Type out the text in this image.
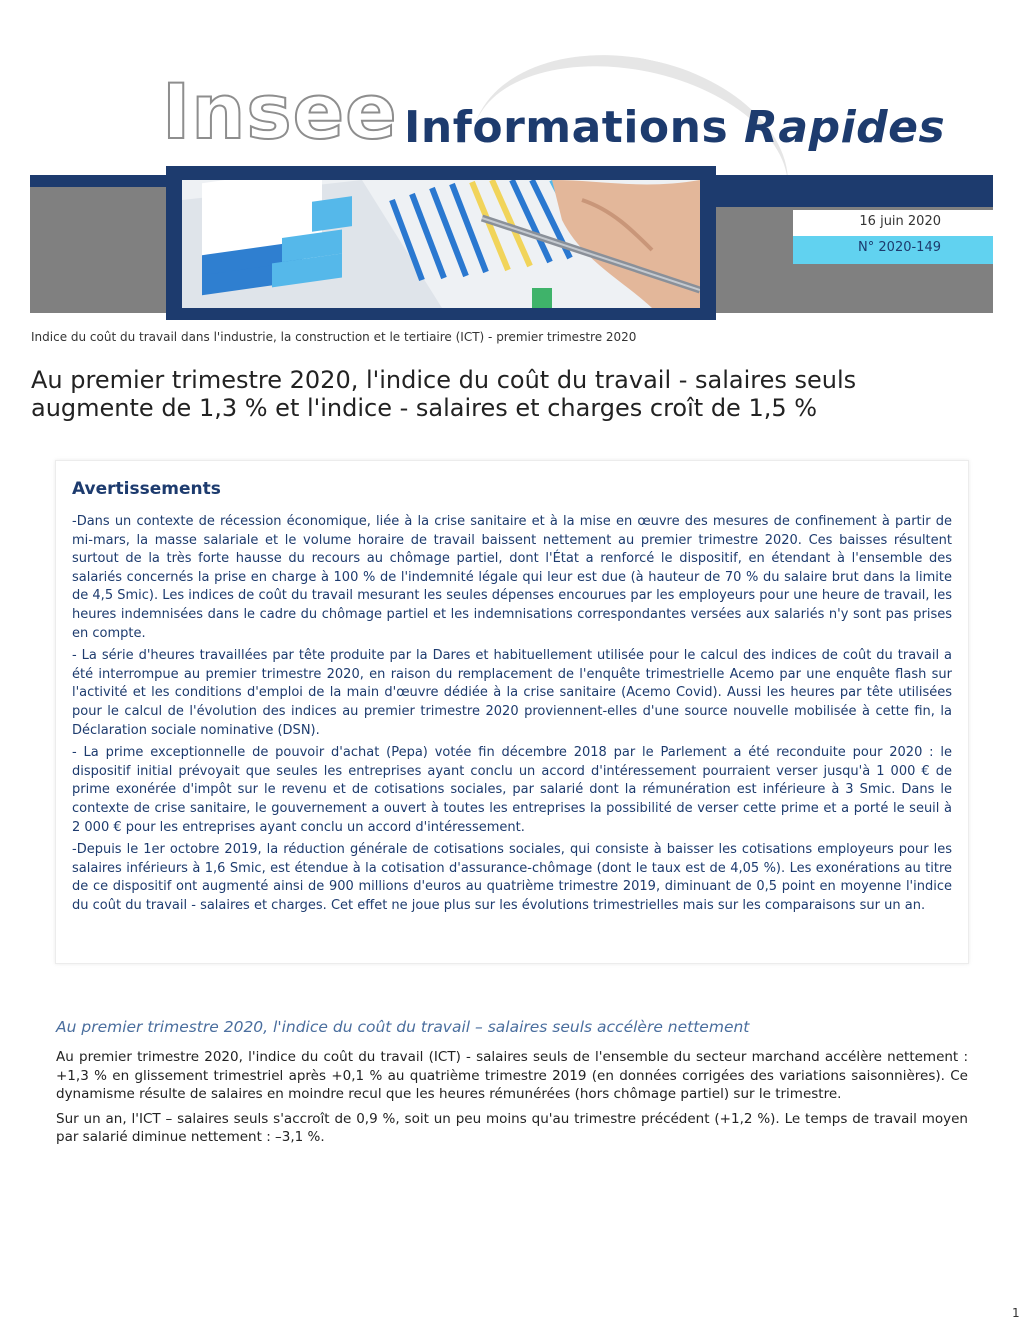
Insee Informations Rapides
16 juin 2020
N° 2020-149
Indice du coût du travail dans l'industrie, la construction et le tertiaire (ICT) - premier trimestre 2020
Au premier trimestre 2020, l'indice du coût du travail - salaires seuls augmente de 1,3 % et l'indice - salaires et charges croît de 1,5 %
Avertissements

-Dans un contexte de récession économique, liée à la crise sanitaire et à la mise en œuvre des mesures de confinement à partir de mi-mars, la masse salariale et le volume horaire de travail baissent nettement au premier trimestre 2020. Ces baisses résultent surtout de la très forte hausse du recours au chômage partiel, dont l'État a renforcé le dispositif, en étendant à l'ensemble des salariés concernés la prise en charge à 100 % de l'indemnité légale qui leur est due (à hauteur de 70 % du salaire brut dans la limite de 4,5 Smic). Les indices de coût du travail mesurant les seules dépenses encourues par les employeurs pour une heure de travail, les heures indemnisées dans le cadre du chômage partiel et les indemnisations correspondantes versées aux salariés n'y sont pas prises en compte.

- La série d'heures travaillées par tête produite par la Dares et habituellement utilisée pour le calcul des indices de coût du travail a été interrompue au premier trimestre 2020, en raison du remplacement de l'enquête trimestrielle Acemo par une enquête flash sur l'activité et les conditions d'emploi de la main d'œuvre dédiée à la crise sanitaire (Acemo Covid). Aussi les heures par tête utilisées pour le calcul de l'évolution des indices au premier trimestre 2020 proviennent-elles d'une source nouvelle mobilisée à cette fin, la Déclaration sociale nominative (DSN).

- La prime exceptionnelle de pouvoir d'achat (Pepa) votée fin décembre 2018 par le Parlement a été reconduite pour 2020 : le dispositif initial prévoyait que seules les entreprises ayant conclu un accord d'intéressement pourraient verser jusqu'à 1 000 € de prime exonérée d'impôt sur le revenu et de cotisations sociales, par salarié dont la rémunération est inférieure à 3 Smic. Dans le contexte de crise sanitaire, le gouvernement a ouvert à toutes les entreprises la possibilité de verser cette prime et a porté le seuil à 2 000 € pour les entreprises ayant conclu un accord d'intéressement.

-Depuis le 1er octobre 2019, la réduction générale de cotisations sociales, qui consiste à baisser les cotisations employeurs pour les salaires inférieurs à 1,6 Smic, est étendue à la cotisation d'assurance-chômage (dont le taux est de 4,05 %). Les exonérations au titre de ce dispositif ont augmenté ainsi de 900 millions d'euros au quatrième trimestre 2019, diminuant de 0,5 point en moyenne l'indice du coût du travail - salaires et charges. Cet effet ne joue plus sur les évolutions trimestrielles mais sur les comparaisons sur un an.

Au premier trimestre 2020, l'indice du coût du travail – salaires seuls accélère nettement

Au premier trimestre 2020, l'indice du coût du travail (ICT) - salaires seuls de l'ensemble du secteur marchand accélère nettement : +1,3 % en glissement trimestriel après +0,1 % au quatrième trimestre 2019 (en données corrigées des variations saisonnières). Ce dynamisme résulte de salaires en moindre recul que les heures rémunérées (hors chômage partiel) sur le trimestre.

Sur un an, l'ICT – salaires seuls s'accroît de 0,9 %, soit un peu moins qu'au trimestre précédent (+1,2 %). Le temps de travail moyen par salarié diminue nettement : –3,1 %.

1
